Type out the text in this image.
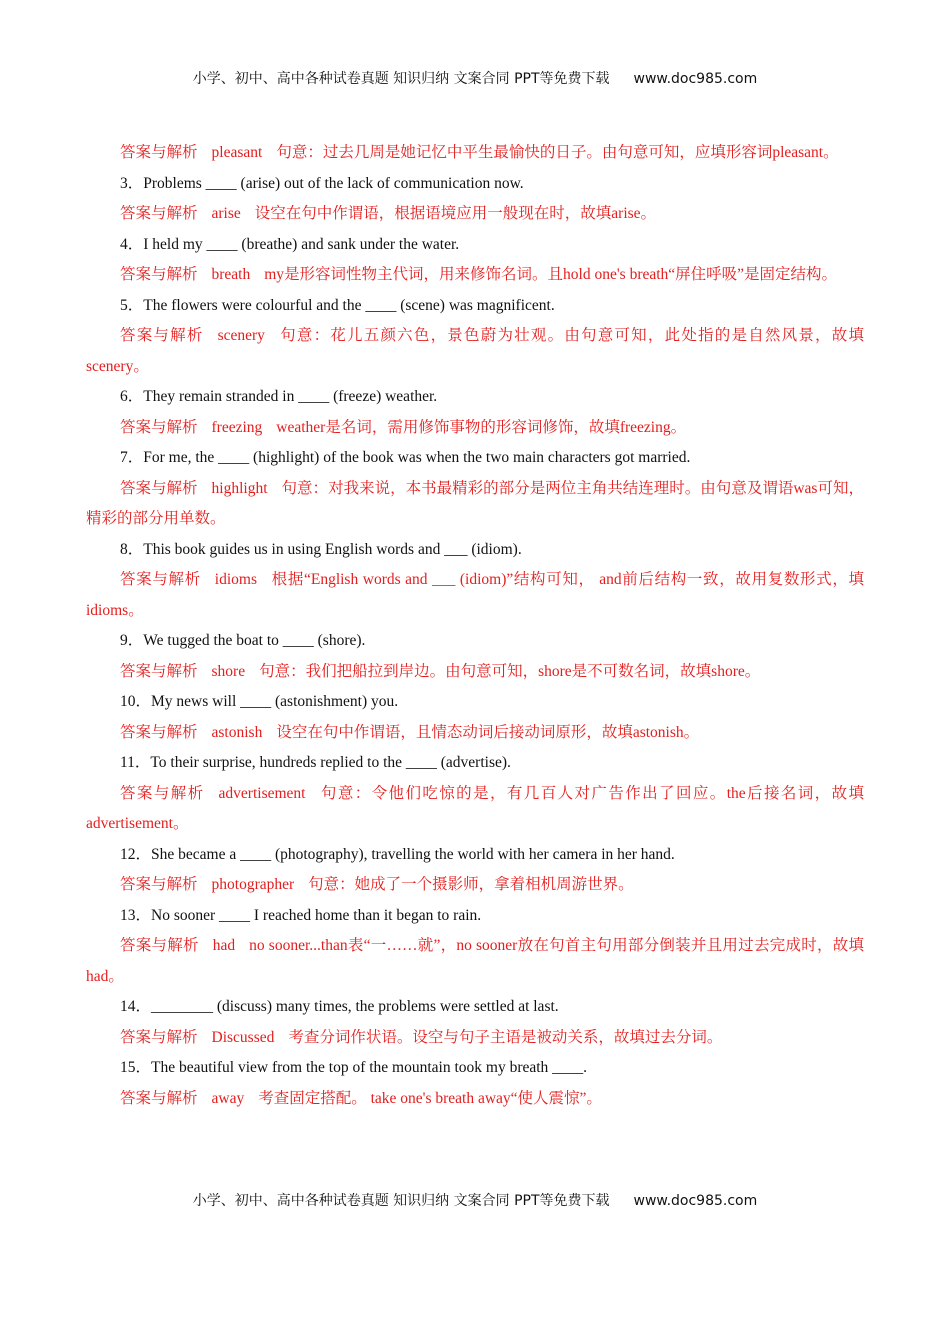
小学、初中、高中各种试卷真题 知识归纳 文案合同 PPT等免费下载 www.doc985.com
答案与解析 pleasant 句意：过去几周是她记忆中平生最愉快的日子。由句意可知，应填形容词pleasant。
3．Problems ____ (arise) out of the lack of communication now.
答案与解析 arise 设空在句中作谓语，根据语境应用一般现在时，故填arise。
4．I held my ____ (breathe) and sank under the water.
答案与解析 breath my是形容词性物主代词，用来修饰名词。且hold one's breath“屏住呼吸”是固定结构。
5．The flowers were colourful and the ____ (scene) was magnificent.
答案与解析 scenery 句意：花儿五颜六色，景色蔚为壮观。由句意可知，此处指的是自然风景，故填scenery。
6．They remain stranded in ____ (freeze) weather.
答案与解析 freezing weather是名词，需用修饰事物的形容词修饰，故填freezing。
7．For me, the ____ (highlight) of the book was when the two main characters got married.
答案与解析 highlight 句意：对我来说，本书最精彩的部分是两位主角共结连理时。由句意及谓语was可知，精彩的部分用单数。
8．This book guides us in using English words and ___ (idiom).
答案与解析 idioms 根据“English words and ___ (idiom)”结构可知， and前后结构一致，故用复数形式，填idioms。
9．We tugged the boat to ____ (shore).
答案与解析 shore 句意：我们把船拉到岸边。由句意可知，shore是不可数名词，故填shore。
10．My news will ____ (astonishment) you.
答案与解析 astonish 设空在句中作谓语，且情态动词后接动词原形，故填astonish。
11．To their surprise, hundreds replied to the ____ (advertise).
答案与解析 advertisement 句意：令他们吃惊的是，有几百人对广告作出了回应。the后接名词，故填advertisement。
12．She became a ____ (photography), travelling the world with her camera in her hand.
答案与解析 photographer 句意：她成了一个摄影师，拿着相机周游世界。
13．No sooner ____ I reached home than it began to rain.
答案与解析 had no sooner...than表“一……就”，no sooner放在句首主句用部分倒装并且用过去完成时，故填had。
14．________ (discuss) many times, the problems were settled at last.
答案与解析 Discussed 考查分词作状语。设空与句子主语是被动关系，故填过去分词。
15．The beautiful view from the top of the mountain took my breath ____.
答案与解析 away 考查固定搭配。 take one's breath away“使人震惊”。
小学、初中、高中各种试卷真题 知识归纳 文案合同 PPT等免费下载 www.doc985.com
